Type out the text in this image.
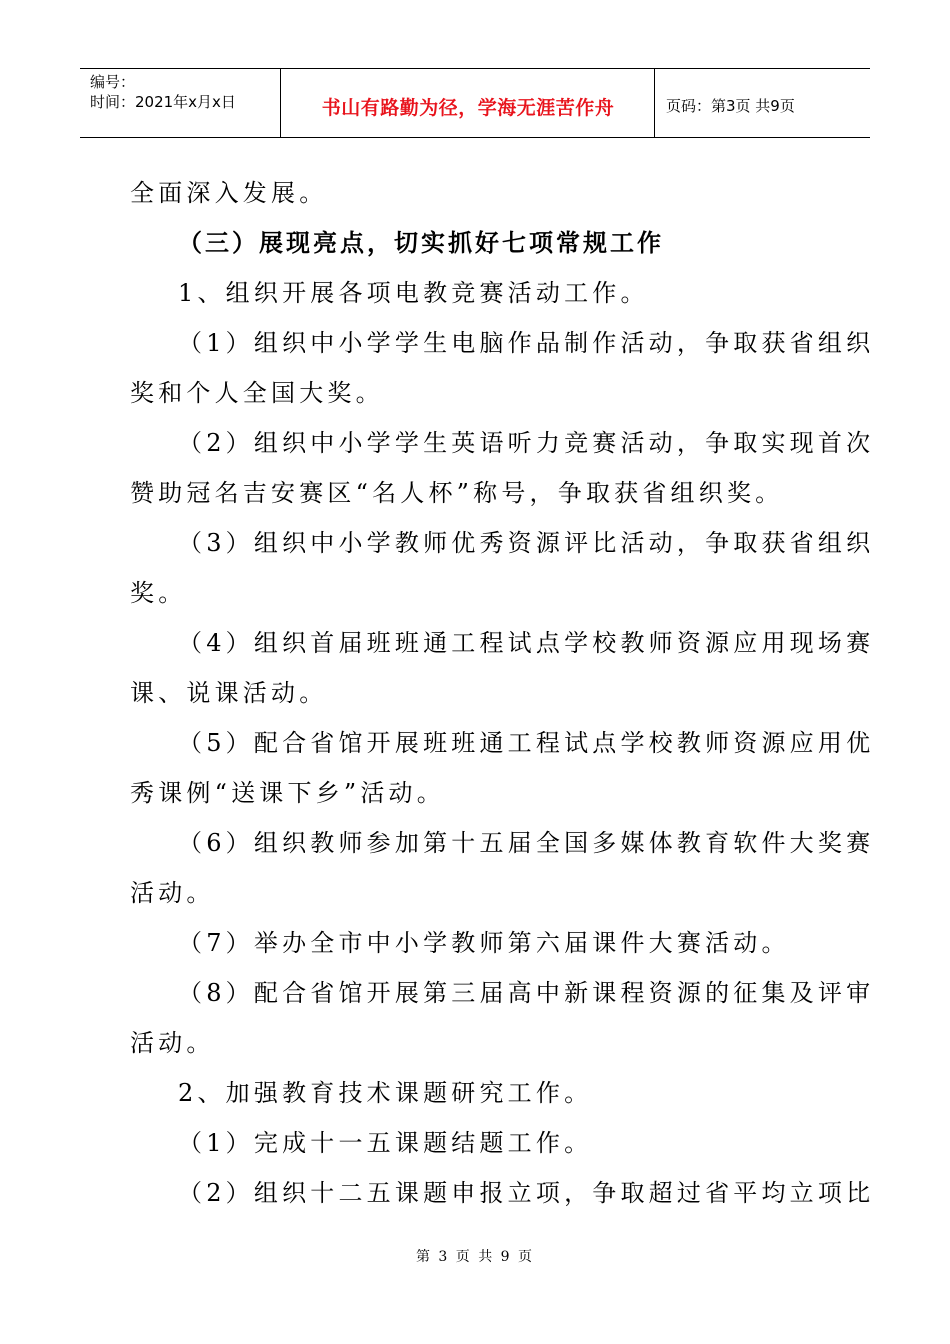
编号：
时间：2021年x月x日	书山有路勤为径，学海无涯苦作舟	页码：第3页 共9页
全面深入发展。
（三）展现亮点，切实抓好七项常规工作
1、组织开展各项电教竞赛活动工作。
（1）组织中小学学生电脑作品制作活动，争取获省组织
奖和个人全国大奖。
（2）组织中小学学生英语听力竞赛活动，争取实现首次
赞助冠名吉安赛区“名人杯”称号，争取获省组织奖。
（3）组织中小学教师优秀资源评比活动，争取获省组织
奖。
（4）组织首届班班通工程试点学校教师资源应用现场赛
课、说课活动。
（5）配合省馆开展班班通工程试点学校教师资源应用优
秀课例“送课下乡”活动。
（6）组织教师参加第十五届全国多媒体教育软件大奖赛
活动。
（7）举办全市中小学教师第六届课件大赛活动。
（8）配合省馆开展第三届高中新课程资源的征集及评审
活动。
2、加强教育技术课题研究工作。
（1）完成十一五课题结题工作。
（2）组织十二五课题申报立项，争取超过省平均立项比
第 3 页 共 9 页
